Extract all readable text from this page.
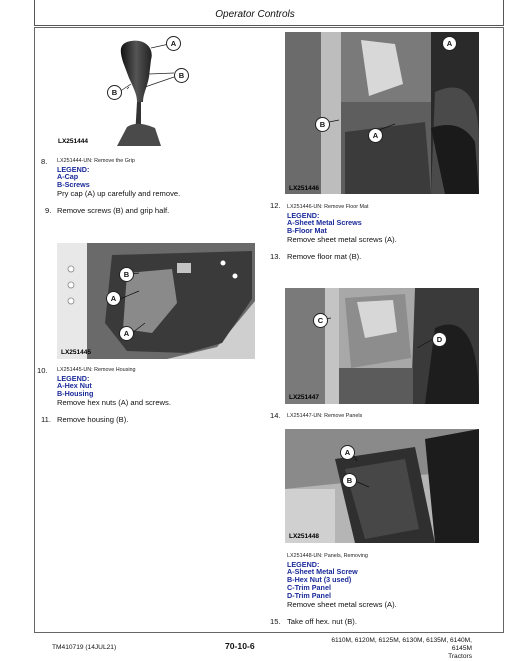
Operator Controls
A
B
B
LX251444
8. LX251444-UN: Remove the Grip
LEGEND:
A-Cap
B-Screws
Pry cap (A) up carefully and remove.
9. Remove screws (B) and grip half.
B
A
A
LX251445
10. LX251445-UN: Remove Housing
LEGEND:
A-Hex Nut
B-Housing
Remove hex nuts (A) and screws.
11. Remove housing (B).
A
B
A
LX251446
12. LX251446-UN: Remove Floor Mat
LEGEND:
A-Sheet Metal Screws
B-Floor Mat
Remove sheet metal screws (A).
13. Remove floor mat (B).
C
D
LX251447
14. LX251447-UN: Remove Panels
A
B
LX251448
LX251448-UN: Panels, Removing
LEGEND:
A-Sheet Metal Screw
B-Hex Nut (3 used)
C-Trim Panel
D-Trim Panel
Remove sheet metal screws (A).
15. Take off hex. nut (B).
TM410719 (14JUL21)	70-10-6
6110M, 6120M, 6125M, 6130M, 6135M, 6140M, 6145M
Tractors
